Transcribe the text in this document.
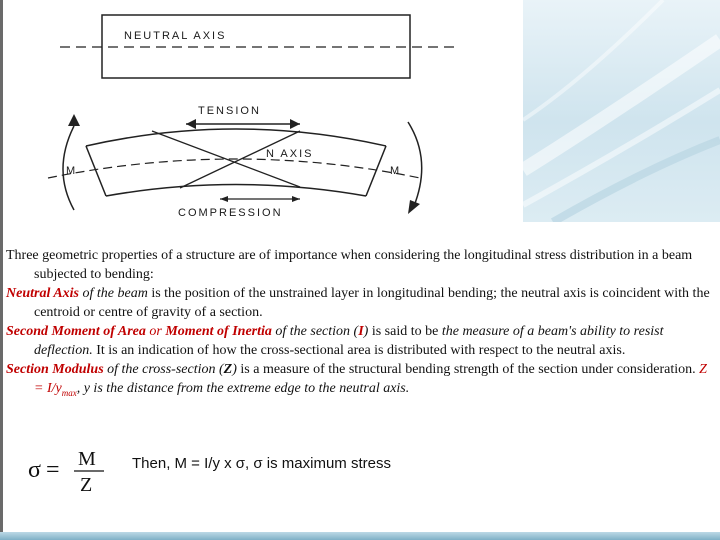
NEUTRAL AXIS
TENSION
N AXIS
M	M
COMPRESSION

Three geometric properties of a structure are of importance when considering the longitudinal stress distribution in a beam subjected to bending:

Neutral Axis of the beam is the position of the unstrained layer in longitudinal bending; the neutral axis is coincident with the centroid or centre of gravity of a section.

Second Moment of Area or Moment of Inertia of the section (I) is said to be the measure of a beam's ability to resist deflection. It is an indication of how the cross-sectional area is distributed with respect to the neutral axis.

Section Modulus of the cross-section (Z) is a measure of the structural bending strength of the section under consideration. $Z = I/y_{max}$, y is the distance from the extreme edge to the neutral axis.

σ = M
Z
Then, M = I/y x σ, σ is maximum stress
